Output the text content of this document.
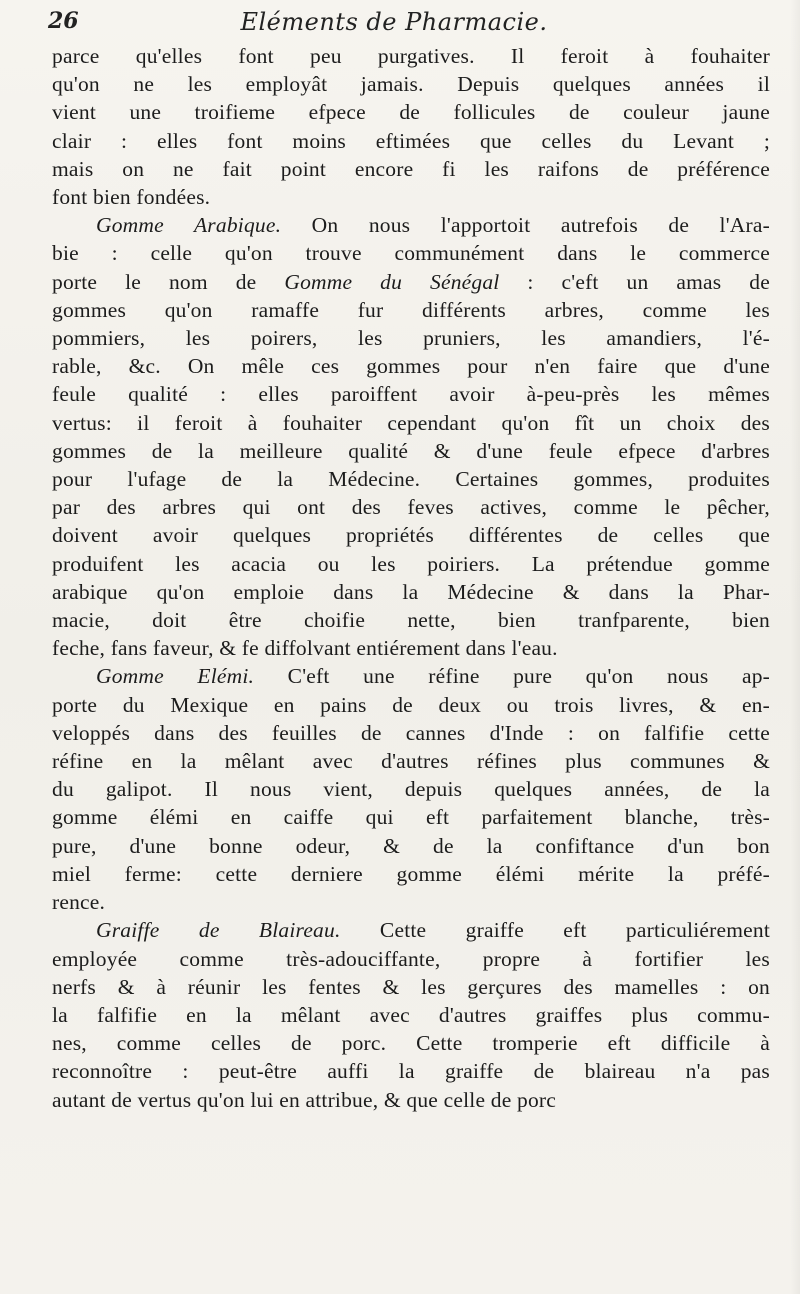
26	Eléments de Pharmacie.
parce qu'elles font peu purgatives. Il feroit à fouhaiter
qu'on ne les employât jamais. Depuis quelques années il
vient une troifieme efpece de follicules de couleur jaune
clair : elles font moins eftimées que celles du Levant ;
mais on ne fait point encore fi les raifons de préférence
font bien fondées.
Gomme Arabique. On nous l'apportoit autrefois de l'Ara-
bie : celle qu'on trouve communément dans le commerce
porte le nom de Gomme du Sénégal : c'eft un amas de
gommes qu'on ramaffe fur différents arbres, comme les
pommiers, les poirers, les pruniers, les amandiers, l'é-
rable, &c. On mêle ces gommes pour n'en faire que d'une
feule qualité : elles paroiffent avoir à-peu-près les mêmes
vertus: il feroit à fouhaiter cependant qu'on fît un choix des
gommes de la meilleure qualité & d'une feule efpece d'arbres
pour l'ufage de la Médecine. Certaines gommes, produites
par des arbres qui ont des feves actives, comme le pêcher,
doivent avoir quelques propriétés différentes de celles que
produifent les acacia ou les poiriers. La prétendue gomme
arabique qu'on emploie dans la Médecine & dans la Phar-
macie, doit être choifie nette, bien tranfparente, bien
feche, fans faveur, & fe diffolvant entiérement dans l'eau.
Gomme Elémi. C'eft une réfine pure qu'on nous ap-
porte du Mexique en pains de deux ou trois livres, & en-
veloppés dans des feuilles de cannes d'Inde : on falfifie cette
réfine en la mêlant avec d'autres réfines plus communes &
du galipot. Il nous vient, depuis quelques années, de la
gomme élémi en caiffe qui eft parfaitement blanche, très-
pure, d'une bonne odeur, & de la confiftance d'un bon
miel ferme: cette derniere gomme élémi mérite la préfé-
rence.
Graiffe de Blaireau. Cette graiffe eft particuliérement
employée comme très-adouciffante, propre à fortifier les
nerfs & à réunir les fentes & les gerçures des mamelles : on
la falfifie en la mêlant avec d'autres graiffes plus commu-
nes, comme celles de porc. Cette tromperie eft difficile à
reconnoître : peut-être auffi la graiffe de blaireau n'a pas
autant de vertus qu'on lui en attribue, & que celle de porc
